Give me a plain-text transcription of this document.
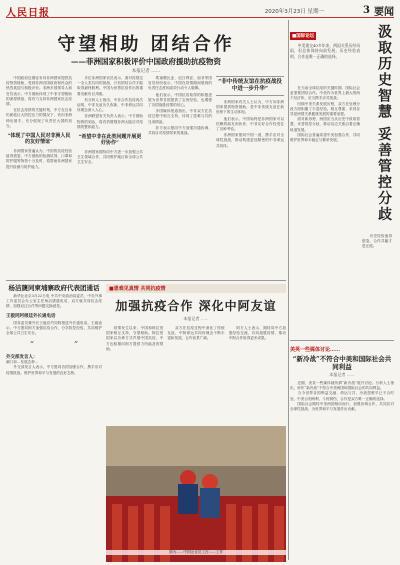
人民日报	2020年3月23日 星期一	3 要闻
守望相助 团结合作
——菲洲国家积极评价中国政府援助抗疫物资
本报记者 ……

　　中国政府近期宣布向非洲国家提供抗疫物资援助，受到非洲各国政府和民众的热烈欢迎与积极评价。非洲多国领导人和官员表示，中方援助体现了中非守望相助的深厚情谊，将有力支持非洲国家抗击疫情。

　　在抗击疫情的关键时刻，中方在自身仍面临巨大防控压力的情况下，仍向非洲伸出援手，充分展现了负责任大国的担当。

“体现了中国人民对非洲人民的友好情谊”

　　非洲国家普遍认为，中国的抗疫经验值得借鉴，中方援助的检测试剂、口罩和防护服等物资十分及时，将帮助非洲国家提升检测与防护能力。

　　多位非洲国家官员表示，面对疫情这一全人类共同的挑战，只有团结合作才能取得最终胜利。中国为世界抗疫作出的重要贡献有目共睹。

　　有分析人士指出，中非合作抗疫再次证明，中非友谊历久弥新，中非命运共同体理念深入人心。

　　非洲联盟有关负责人表示，中方援助物资的到达，将有效增强非洲大陆应对疫情的整体能力。

“希望中非在此类问题开展更好协作”

　　非洲国家期待同中方进一步加强公共卫生领域合作，共同维护地区和全球公共卫生安全。

　　埃塞俄比亚、尼日利亚、南非等国官员纷纷表示，中国在疫情期间展现的负责任态度和高效行动令人敬佩。

　　他们表示，中国抗疫取得的积极进展为世界各国提供了宝贵经验，也增强了各国战胜疫情的信心。

　　多国媒体报道指出，中非双方在抗疫过程中相互支持，体现了患难与共的兄弟情谊。

　　非方表示愿同中方加强沟通协调，共同应对疫情带来的挑战。

“非中传统友谊在抗疫战役中进一步升华”

　　非洲国家有关人士认为，中方向非洲国家提供物资援助，是中非传统友谊在新形势下的生动体现。

　　他们表示，中国始终是非洲国家可以信赖的朋友和伙伴，中非友好合作经受住了各种考验。

　　非洲国家愿同中国一道，携手应对全球性挑战，推动构建更加紧密的中非命运共同体。

杨洁篪同柬埔寨政府代表团通话
　　新华社北京3月22日电 中共中央政治局委员、中央外事工作委员会办公室主任杨洁篪通电话，双方就共同抗击疫情、加强双边合作等问题交换意见。
王毅同阿根廷外长通电话
　　国务委员兼外长王毅应约同阿根廷外长通电话。王毅表示，中方愿同阿方加强抗疫合作，分享防控经验，共同维护全球公共卫生安全。
“　　　　　”
外交部发言人：
潮门和…发展态势…
　　外交部发言人表示，中方愿同各国加强合作，携手应对疫情挑战，维护世界和平与发展的良好态势。
■患难见真情 共同抗疫情
加强抗疫合作 深化中阿友谊
本报记者 ……
　　疫情发生以来，中国和阿拉伯国家相互支持、守望相助。阿拉伯国家以各种方式声援中国抗疫，中方也积极向阿方提供力所能及的帮助。
　　双方在抗疫过程中深化了传统友谊，中阿命运共同体理念不断丰富和发展，合作前景广阔。
　　阿方人士表示，期待同中方加强经验交流，共同战胜疫情，推动中阿合作取得更多成果。
图为……中国企业员工在……工作
■国际论坛
　　中美建交40多年来，两国关系历经风雨，但总体保持向前发展。历史经验表明，合作是唯一正确的选择。	汲取历史智慧 妥善管控分歧

　　在当前全球抗疫的关键时期，国际社会更需要团结合作。中美作为世界上最大的两个经济体，应当携手应对挑战。

　　回顾中美关系发展历程，双方在处理分歧方面积累了丰富经验。相互尊重、求同存异是两国关系健康发展的重要前提。

　　面对新形势，两国应当从历史中汲取智慧，妥善管控分歧，推动双边关系沿着正确轨道发展。

　　国际社会普遍希望中美加强合作，共同维护世界和平稳定与繁荣发展。

　　历史经验值得借鉴，合作共赢才是正道。

美英一些媒体讨论……
“新冷战”不符合中美和国际社会共同利益
本报记者 ……

　　近期，美英一些媒体就所谓“新冷战”展开讨论。分析人士指出，炒作“新冷战”不符合中美两国和国际社会的共同利益。

　　当今世界各国利益交融、命运与共，冷战思维早已不合时宜。中美合则两利、斗则俱伤，合作是双方唯一正确的选择。

　　国际社会期待中美两国相向而行，加强协调合作，共同应对全球性挑战，为世界和平与发展作出贡献。
